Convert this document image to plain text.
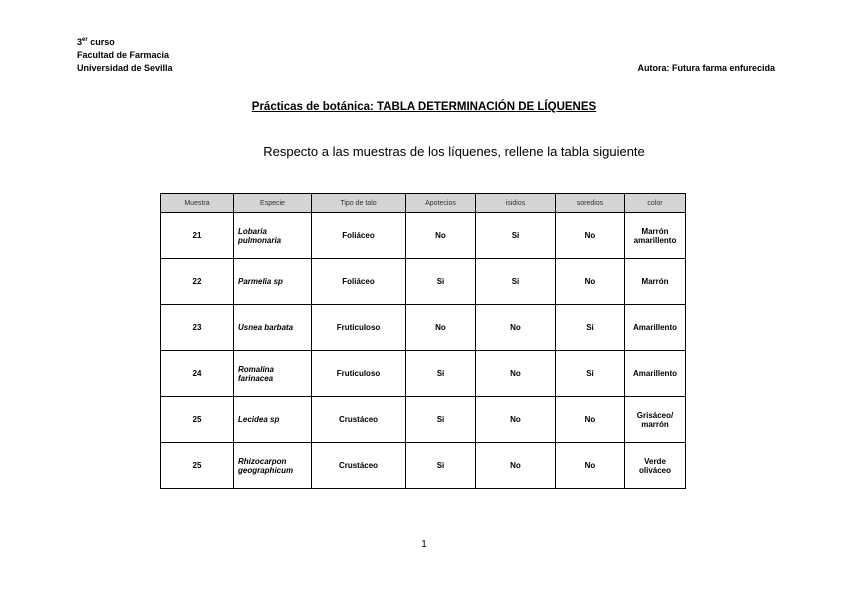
3er curso
Facultad de Farmacia
Universidad de Sevilla	Autora: Futura farma enfurecida
Prácticas de botánica: TABLA DETERMINACIÓN DE LÍQUENES
Respecto a las muestras de los líquenes, rellene la tabla siguiente
Muestra	Especie	Tipo de talo	Apotecios	isidios	soredios	color
21	Lobaria pulmonaria	Foliáceo	No	Si	No	Marrón amarillento
22	Parmelia sp	Foliáceo	Si	Si	No	Marrón
23	Usnea barbata	Fruticuloso	No	No	Si	Amarillento
24	Romalina farinacea	Fruticuloso	Si	No	Si	Amarillento
25	Lecidea sp	Crustáceo	Si	No	No	Grisáceo/ marrón
25	Rhizocarpon geographicum	Crustáceo	Si	No	No	Verde oliváceo
1
